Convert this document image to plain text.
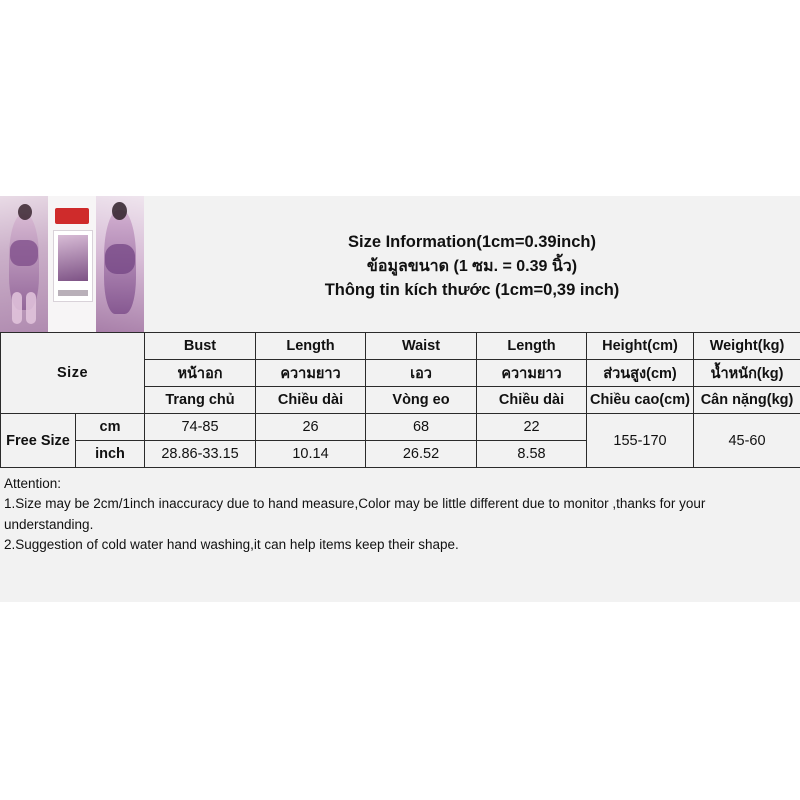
Size Information(1cm=0.39inch)
ข้อมูลขนาด (1 ซม. = 0.39 นิ้ว)
Thông tin kích thước (1cm=0,39 inch)
Size		Bust	Length	Waist	Length	Height(cm)	Weight(kg)
		หน้าอก	ความยาว	เอว	ความยาว	ส่วนสูง(cm)	น้ำหนัก(kg)
		Trang chủ	Chiều dài	Vòng eo	Chiều dài	Chiều cao(cm)	Cân nặng(kg)
Free Size	cm	74-85	26	68	22	155-170	45-60
	inch	28.86-33.15	10.14	26.52	8.58		
Attention:
1.Size may be 2cm/1inch inaccuracy due to hand measure,Color may be little different due to monitor ,thanks for your understanding.
2.Suggestion of cold water hand washing,it can help items keep their shape.
